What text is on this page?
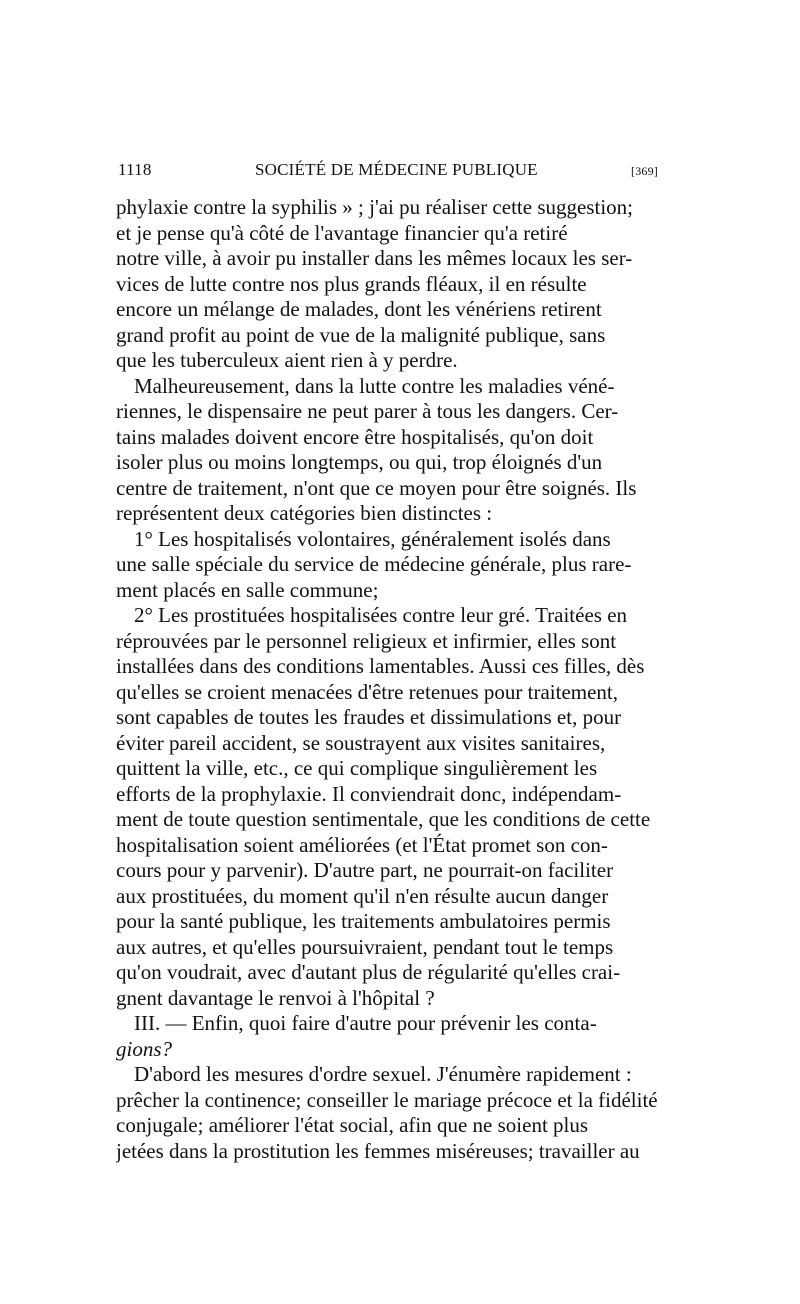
1118	SOCIÉTÉ DE MÉDECINE PUBLIQUE	[369]
phylaxie contre la syphilis » ; j'ai pu réaliser cette suggestion;
et je pense qu'à côté de l'avantage financier qu'a retiré
notre ville, à avoir pu installer dans les mêmes locaux les ser-
vices de lutte contre nos plus grands fléaux, il en résulte
encore un mélange de malades, dont les vénériens retirent
grand profit au point de vue de la malignité publique, sans
que les tuberculeux aient rien à y perdre.
Malheureusement, dans la lutte contre les maladies véné-
riennes, le dispensaire ne peut parer à tous les dangers. Cer-
tains malades doivent encore être hospitalisés, qu'on doit
isoler plus ou moins longtemps, ou qui, trop éloignés d'un
centre de traitement, n'ont que ce moyen pour être soignés. Ils
représentent deux catégories bien distinctes :
1° Les hospitalisés volontaires, généralement isolés dans
une salle spéciale du service de médecine générale, plus rare-
ment placés en salle commune;
2° Les prostituées hospitalisées contre leur gré. Traitées en
réprouvées par le personnel religieux et infirmier, elles sont
installées dans des conditions lamentables. Aussi ces filles, dès
qu'elles se croient menacées d'être retenues pour traitement,
sont capables de toutes les fraudes et dissimulations et, pour
éviter pareil accident, se soustrayent aux visites sanitaires,
quittent la ville, etc., ce qui complique singulièrement les
efforts de la prophylaxie. Il conviendrait donc, indépendam-
ment de toute question sentimentale, que les conditions de cette
hospitalisation soient améliorées (et l'État promet son con-
cours pour y parvenir). D'autre part, ne pourrait-on faciliter
aux prostituées, du moment qu'il n'en résulte aucun danger
pour la santé publique, les traitements ambulatoires permis
aux autres, et qu'elles poursuivraient, pendant tout le temps
qu'on voudrait, avec d'autant plus de régularité qu'elles crai-
gnent davantage le renvoi à l'hôpital ?
III. — Enfin, quoi faire d'autre pour prévenir les conta-
gions?
D'abord les mesures d'ordre sexuel. J'énumère rapidement :
prêcher la continence; conseiller le mariage précoce et la fidélité
conjugale; améliorer l'état social, afin que ne soient plus
jetées dans la prostitution les femmes miséreuses; travailler au
